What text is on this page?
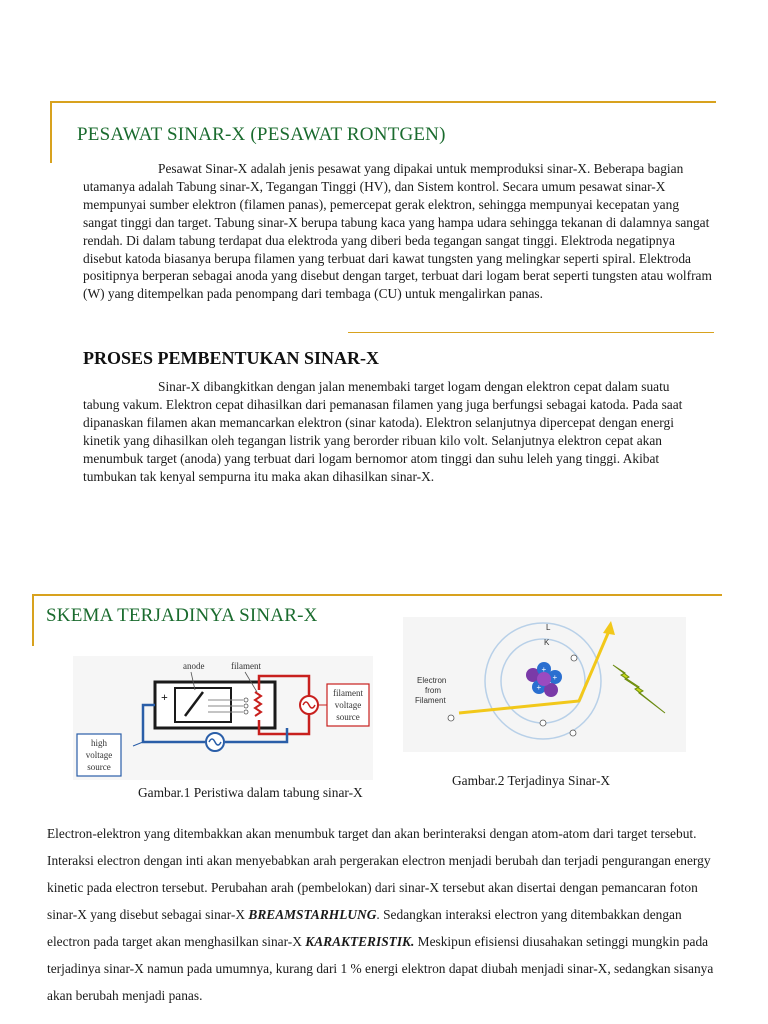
PESAWAT SINAR-X (PESAWAT RONTGEN)

Pesawat Sinar-X adalah jenis pesawat yang dipakai untuk memproduksi sinar-X. Beberapa bagian utamanya adalah Tabung sinar-X, Tegangan Tinggi (HV), dan Sistem kontrol. Secara umum pesawat sinar-X mempunyai sumber elektron (filamen panas), pemercepat gerak elektron, sehingga mempunyai kecepatan yang sangat tinggi dan target. Tabung sinar-X berupa tabung kaca yang hampa udara sehingga tekanan di dalamnya sangat rendah. Di dalam tabung terdapat dua elektroda yang diberi beda tegangan sangat tinggi. Elektroda negatipnya disebut katoda biasanya berupa filamen yang terbuat dari kawat tungsten yang melingkar seperti spiral. Elektroda positipnya berperan sebagai anoda yang disebut dengan target, terbuat dari logam berat seperti tungsten atau wolfram (W) yang ditempelkan pada penompang dari tembaga (CU) untuk mengalirkan panas.

PROSES PEMBENTUKAN SINAR-X

Sinar-X dibangkitkan dengan jalan menembaki target logam dengan elektron cepat dalam suatu tabung vakum. Elektron cepat dihasilkan dari pemanasan filamen yang juga berfungsi sebagai katoda. Pada saat dipanaskan filamen akan memancarkan elektron (sinar katoda). Elektron selanjutnya dipercepat dengan energi kinetik yang dihasilkan oleh tegangan listrik yang berorder ribuan kilo volt. Selanjutnya elektron cepat akan menumbuk target (anoda) yang terbuat dari logam bernomor atom tinggi dan suhu leleh yang tinggi. Akibat tumbukan tak kenyal sempurna itu maka akan dihasilkan sinar-X.

SKEMA TERJADINYA SINAR-X
filament
voltage
source
high
voltage
source
+
anode	filament
Gambar.1 Peristiwa dalam tabung sinar-X
L
K
+
+
+
Electron
from
Filament
Gambar.2 Terjadinya Sinar-X
Electron-elektron yang ditembakkan akan menumbuk target dan akan berinteraksi dengan atom-atom dari target tersebut. Interaksi electron dengan inti akan menyebabkan arah pergerakan electron menjadi berubah dan terjadi pengurangan energy kinetic pada electron tersebut. Perubahan arah (pembelokan) dari sinar-X tersebut akan disertai dengan pemancaran foton sinar-X yang disebut sebagai sinar-X BREAMSTARHLUNG. Sedangkan interaksi electron yang ditembakkan dengan electron pada target akan menghasilkan sinar-X KARAKTERISTIK. Meskipun efisiensi diusahakan setinggi mungkin pada terjadinya sinar-X namun pada umumnya, kurang dari 1 % energi elektron dapat diubah menjadi sinar-X, sedangkan sisanya akan berubah menjadi panas.
